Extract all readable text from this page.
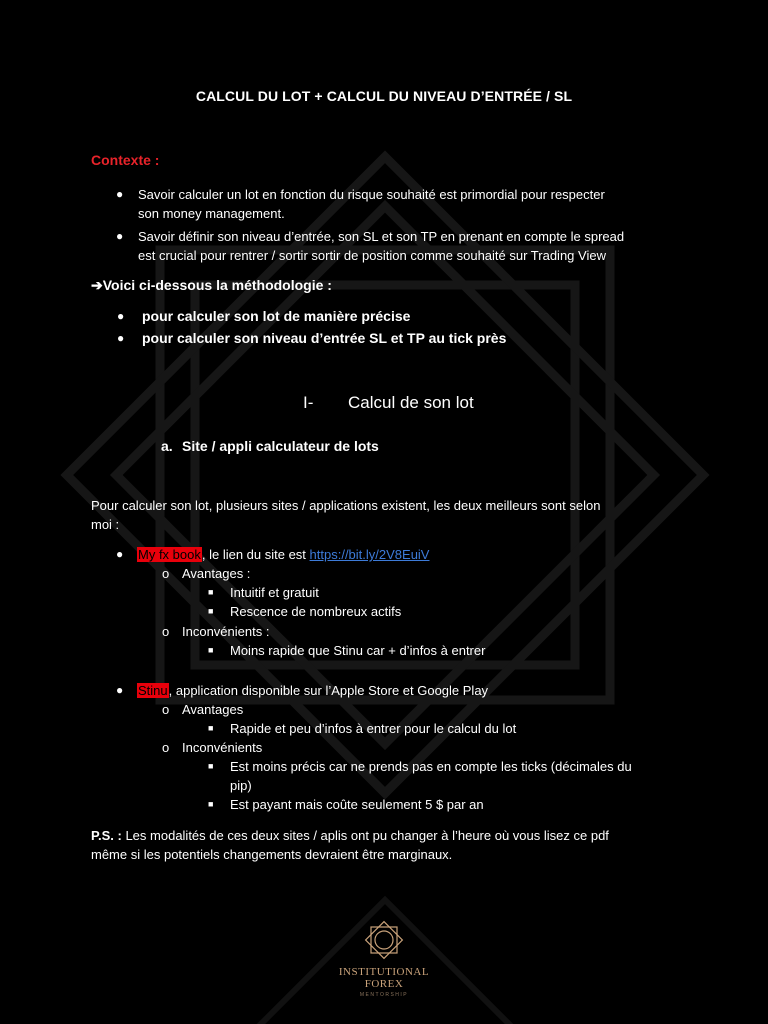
CALCUL DU LOT + CALCUL DU NIVEAU D’ENTRÉE / SL
Contexte :
● Savoir calculer un lot en fonction du risque souhaité est primordial pour respecter
son money management.
● Savoir définir son niveau d’entrée, son SL et son TP en prenant en compte le spread
est crucial pour rentrer / sortir sortir de position comme souhaité sur Trading View
➔Voici ci-dessous la méthodologie :
● pour calculer son lot de manière précise
● pour calculer son niveau d’entrée SL et TP au tick près
I- Calcul de son lot
a. Site / appli calculateur de lots
Pour calculer son lot, plusieurs sites / applications existent, les deux meilleurs sont selon
moi :
● My fx book, le lien du site est https://bit.ly/2V8EuiV
o Avantages :
■ Intuitif et gratuit
■ Rescence de nombreux actifs
o Inconvénients :
■ Moins rapide que Stinu car + d’infos à entrer
● Stinu, application disponible sur l’Apple Store et Google Play
o Avantages
■ Rapide et peu d’infos à entrer pour le calcul du lot
o Inconvénients
■ Est moins précis car ne prends pas en compte les ticks (décimales du
pip)
■ Est payant mais coûte seulement 5 $ par an
P.S. : Les modalités de ces deux sites / aplis ont pu changer à l’heure où vous lisez ce pdf
même si les potentiels changements devraient être marginaux.
INSTITUTIONAL
FOREX
MENTORSHIP
